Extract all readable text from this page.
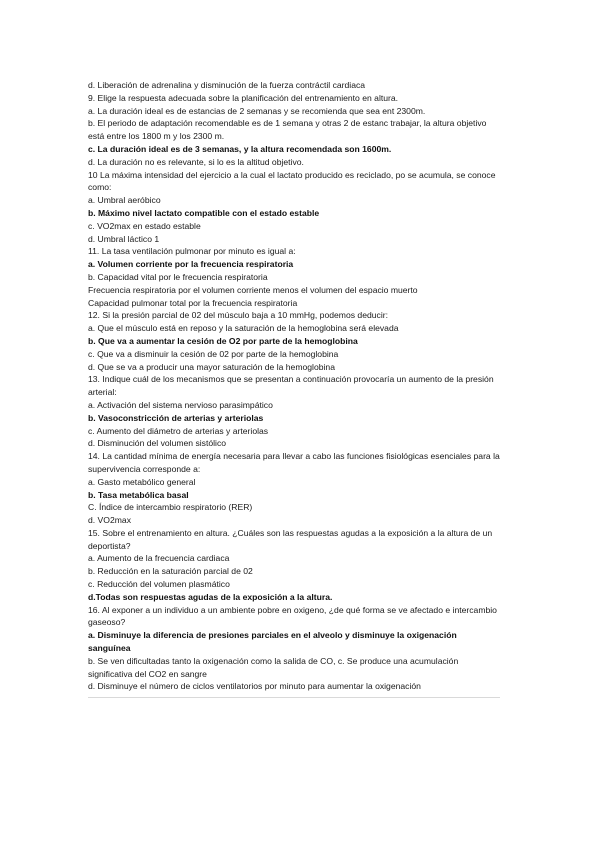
d. Liberación de adrenalina y disminución de la fuerza contráctil cardiaca

9. Elige la respuesta adecuada sobre la planificación del entrenamiento en altura.

a. La duración ideal es de estancias de 2 semanas y se recomienda que sea ent 2300m.

b. El periodo de adaptación recomendable es de 1 semana y otras 2 de estanc trabajar, la altura objetivo está entre los 1800 m y los 2300 m.

c. La duración ideal es de 3 semanas, y la altura recomendada son 1600m.

d. La duración no es relevante, si lo es la altitud objetivo.

10 La máxima intensidad del ejercicio a la cual el lactato producido es reciclado, po se acumula, se conoce como:

a. Umbral aeróbico

b. Máximo nivel lactato compatible con el estado estable

c. VO2max en estado estable

d. Umbral láctico 1

11. La tasa ventilación pulmonar por minuto es igual a:

a. Volumen corriente por la frecuencia respiratoria

b. Capacidad vital por le frecuencia respiratoria

Frecuencia respiratoria por el volumen corriente menos el volumen del espacio muerto

Capacidad pulmonar total por la frecuencia respiratoria

12. Si la presión parcial de 02 del músculo baja a 10 mmHg, podemos deducir:

a. Que el músculo está en reposo y la saturación de la hemoglobina será elevada

b. Que va a aumentar la cesión de O2 por parte de la hemoglobina

c. Que va a disminuir la cesión de 02 por parte de la hemoglobina

d. Que se va a producir una mayor saturación de la hemoglobina

13. Indique cuál de los mecanismos que se presentan a continuación provocaría un aumento de la presión arterial:

a. Activación del sistema nervioso parasimpático

b. Vasoconstricción de arterias y arteriolas

c. Aumento del diámetro de arterias y arteriolas

d. Disminución del volumen sistólico

14. La cantidad mínima de energía necesaria para llevar a cabo las funciones fisiológicas esenciales para la supervivencia corresponde a:

a. Gasto metabólico general

b. Tasa metabólica basal

C. Índice de intercambio respiratorio (RER)

d. VO2max

15. Sobre el entrenamiento en altura. ¿Cuáles son las respuestas agudas a la exposición a la altura de un deportista?

a. Aumento de la frecuencia cardiaca

b. Reducción en la saturación parcial de 02

c. Reducción del volumen plasmático

d.Todas son respuestas agudas de la exposición a la altura.

16. Al exponer a un individuo a un ambiente pobre en oxigeno, ¿de qué forma se ve afectado e intercambio gaseoso?

a. Disminuye la diferencia de presiones parciales en el alveolo y disminuye la oxigenación sanguínea

b. Se ven dificultadas tanto la oxigenación como la salida de CO, c. Se produce una acumulación significativa del CO2 en sangre

d. Disminuye el número de ciclos ventilatorios por minuto para aumentar la oxigenación
